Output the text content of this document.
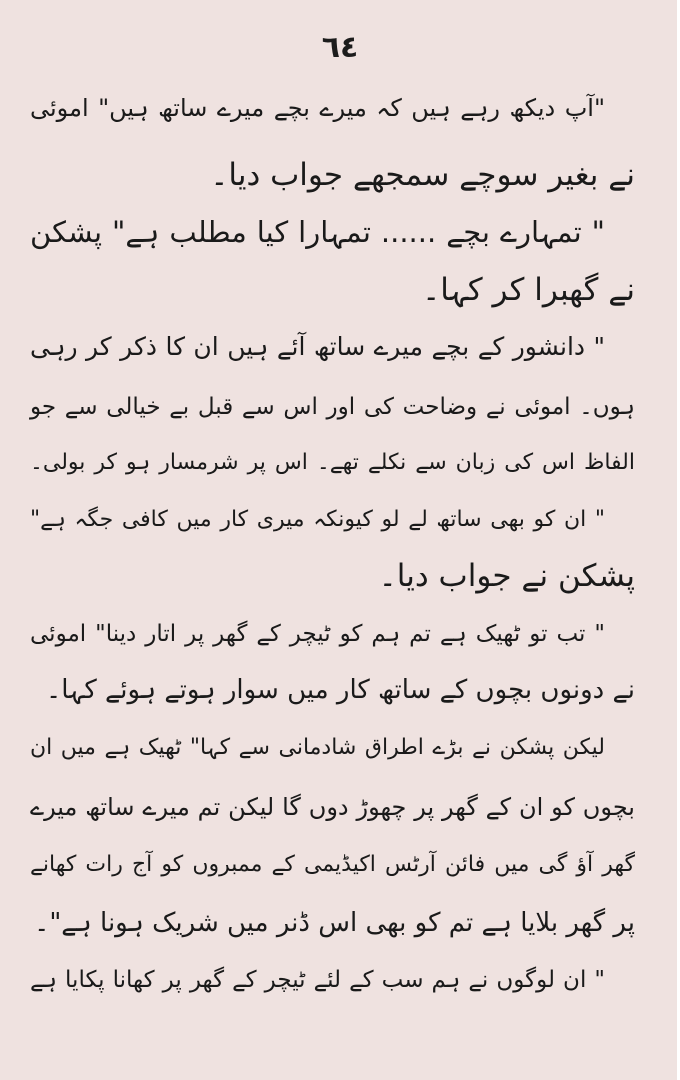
٦٤
"آپ دیکھ رہے ہیں کہ میرے بچے میرے ساتھ ہیں" اموئی
نے بغیر سوچے سمجھے جواب دیا۔
" تمہارے بچے ...... تمہارا کیا مطلب ہے" پشکن
نے گھبرا کر کہا۔
" دانشور کے بچے میرے ساتھ آئے ہیں ان کا ذکر کر رہی
ہوں۔ اموئی نے وضاحت کی اور اس سے قبل بے خیالی سے جو
الفاظ اس کی زبان سے نکلے تھے۔ اس پر شرمسار ہو کر بولی۔
" ان کو بھی ساتھ لے لو کیونکہ میری کار میں کافی جگہ ہے"
پشکن نے جواب دیا۔
" تب تو ٹھیک ہے تم ہم کو ٹیچر کے گھر پر اتار دینا" اموئی
نے دونوں بچوں کے ساتھ کار میں سوار ہوتے ہوئے کہا۔
لیکن پشکن نے بڑے اطراق شادمانی سے کہا" ٹھیک ہے میں ان
بچوں کو ان کے گھر پر چھوڑ دوں گا لیکن تم میرے ساتھ میرے
گھر آؤ گی میں فائن آرٹس اکیڈیمی کے ممبروں کو آج رات کھانے
پر گھر بلایا ہے تم کو بھی اس ڈنر میں شریک ہونا ہے"۔
" ان لوگوں نے ہم سب کے لئے ٹیچر کے گھر پر کھانا پکایا ہے
